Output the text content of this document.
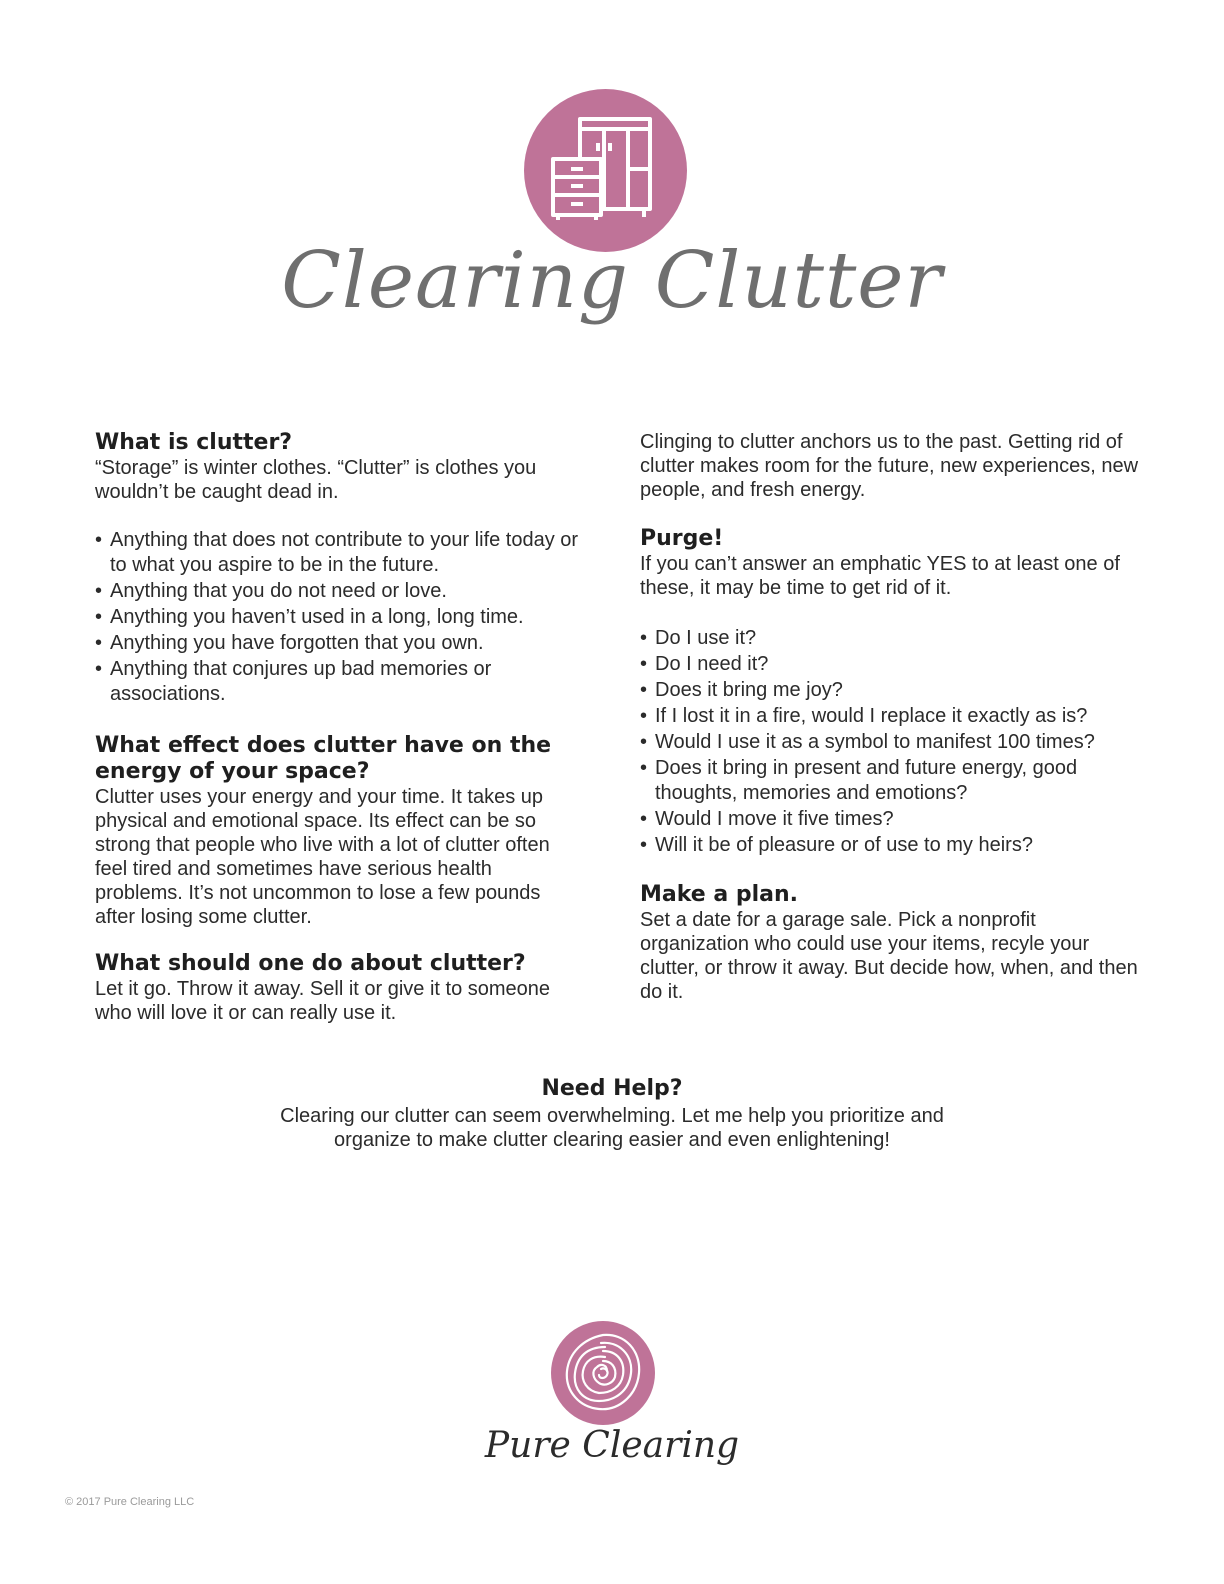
Clearing Clutter
What is clutter?

“Storage” is winter clothes. “Clutter” is clothes you wouldn’t be caught dead in.

• Anything that does not contribute to your life today or to what you aspire to be in the future.
• Anything that you do not need or love.
• Anything you haven’t used in a long, long time.
• Anything you have forgotten that you own.
• Anything that conjures up bad memories or associations.
What effect does clutter have on the energy of your space?

Clutter uses your energy and your time. It takes up physical and emotional space. Its effect can be so strong that people who live with a lot of clutter often feel tired and sometimes have serious health problems. It’s not uncommon to lose a few pounds after losing some clutter.

What should one do about clutter?

Let it go. Throw it away. Sell it or give it to someone who will love it or can really use it.

Clinging to clutter anchors us to the past. Getting rid of clutter makes room for the future, new experiences, new people, and fresh energy.

Purge!

If you can’t answer an emphatic YES to at least one of these, it may be time to get rid of it.

• Do I use it?
• Do I need it?
• Does it bring me joy?
• If I lost it in a fire, would I replace it exactly as is?
• Would I use it as a symbol to manifest 100 times?
• Does it bring in present and future energy, good thoughts, memories and emotions?
• Would I move it five times?
• Will it be of pleasure or of use to my heirs?
Make a plan.

Set a date for a garage sale. Pick a nonprofit organization who could use your items, recyle your clutter, or throw it away. But decide how, when, and then do it.

Need Help?

Clearing our clutter can seem overwhelming. Let me help you prioritize and organize to make clutter clearing easier and even enlightening!

Pure Clearing
© 2017 Pure Clearing LLC
